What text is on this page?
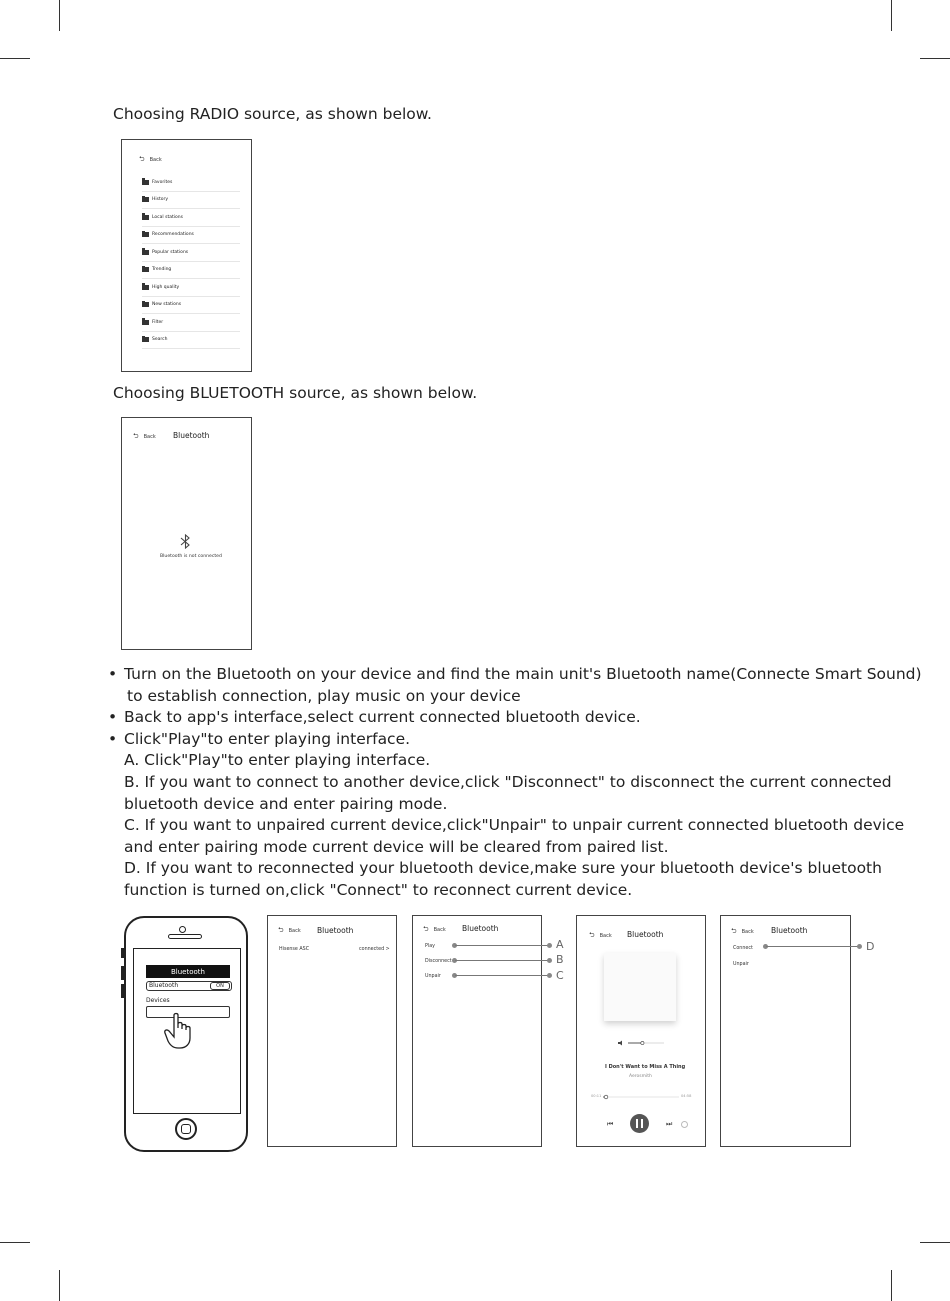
Choosing RADIO source, as shown below.
⮌ Back
Favorites
History
Local stations
Recommendations
Popular stations
Trending
High quality
New stations
Filter
Search
Choosing BLUETOOTH source, as shown below.
⮌ Back Bluetooth
Bluetooth is not connected
• Turn on the Bluetooth on your device and find the main unit's Bluetooth name(Connecte Smart Sound)
to establish connection, play music on your device
• Back to app's interface,select current connected bluetooth device.
• Click"Play"to enter playing interface.
A. Click"Play"to enter playing interface.
B. If you want to connect to another device,click "Disconnect" to disconnect the current connected
bluetooth device and enter pairing mode.
C. If you want to unpaired current device,click"Unpair" to unpair current connected bluetooth device
and enter pairing mode current device will be cleared from paired list.
D. If you want to reconnected your bluetooth device,make sure your bluetooth device's bluetooth
function is turned on,click "Connect" to reconnect current device.
Bluetooth
Bluetooth	ON
Devices
⮌ Back Bluetooth
Hisense ASC	connected >
⮌ Back Bluetooth
Play
Disconnect
Unpair
A
B
C
⮌ Back Bluetooth
I Don't Want to Miss A Thing
Aerosmith
00:11	04:58
⏮	⏭
⮌ Back Bluetooth
Connect
Unpair
D
